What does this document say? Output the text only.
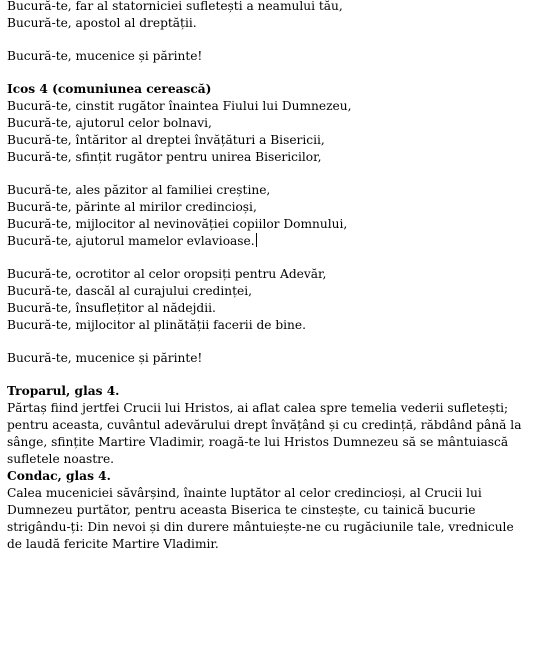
Bucură-te, far al statorniciei sufletești a neamului tău,
Bucură-te, apostol al dreptății.
Bucură-te, mucenice și părinte!
Icos 4 (comuniunea cerească)
Bucură-te, cinstit rugător înaintea Fiului lui Dumnezeu,
Bucură-te, ajutorul celor bolnavi,
Bucură-te, întăritor al dreptei învățături a Bisericii,
Bucură-te, sfințit rugător pentru unirea Bisericilor,
Bucură-te, ales păzitor al familiei creștine,
Bucură-te, părinte al mirilor credincioși,
Bucură-te, mijlocitor al nevinovăției copiilor Domnului,
Bucură-te, ajutorul mamelor evlavioase.
Bucură-te, ocrotitor al celor oropsiți pentru Adevăr,
Bucură-te, dascăl al curajului credinței,
Bucură-te, însuflețitor al nădejdii.
Bucură-te, mijlocitor al plinătății facerii de bine.
Bucură-te, mucenice și părinte!
Troparul, glas 4.
Părtaș fiind jertfei Crucii lui Hristos, ai aflat calea spre temelia vederii sufletești; pentru aceasta, cuvântul adevărului drept învățând și cu credință, răbdând până la sânge, sfințite Martire Vladimir, roagă-te lui Hristos Dumnezeu să se mântuiască sufletele noastre.
Condac, glas 4.
Calea mucenicieі săvârșind, înainte luptător al celor credincioși, al Crucii lui Dumnezeu purtător, pentru aceasta Biserica te cinstește, cu tainică bucurie strigându-ți: Din nevoi și din durere mântuiește-ne cu rugăciunile tale, vrednicule de laudă fericite Martire Vladimir.
